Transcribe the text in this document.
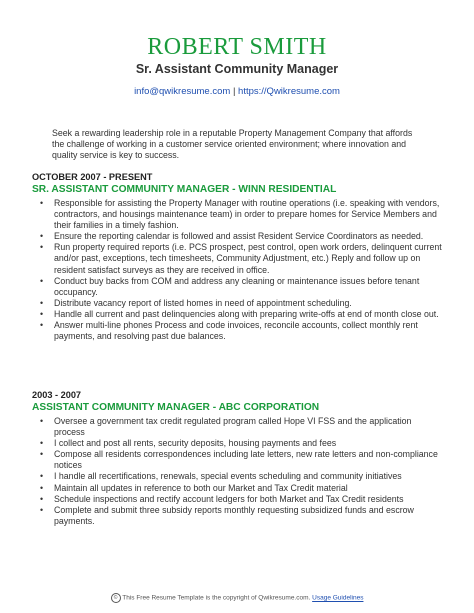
ROBERT SMITH
Sr. Assistant Community Manager
info@qwikresume.com | https://Qwikresume.com
Seek a rewarding leadership role in a reputable Property Management Company that affords the challenge of working in a customer service oriented environment; where innovation and quality service is key to success.
OCTOBER 2007 - PRESENT
SR. ASSISTANT COMMUNITY MANAGER - WINN RESIDENTIAL
• Responsible for assisting the Property Manager with routine operations (i.e. speaking with vendors, contractors, and housings maintenance team) in order to prepare homes for Service Members and their families in a timely fashion.
• Ensure the reporting calendar is followed and assist Resident Service Coordinators as needed.
• Run property required reports (i.e. PCS prospect, pest control, open work orders, delinquent current and/or past, exceptions, tech timesheets, Community Adjustment, etc.) Reply and follow up on resident satisfact surveys as they are received in office.
• Conduct buy backs from COM and address any cleaning or maintenance issues before tenant occupancy.
• Distribute vacancy report of listed homes in need of appointment scheduling.
• Handle all current and past delinquencies along with preparing write-offs at end of month close out.
• Answer multi-line phones Process and code invoices, reconcile accounts, collect monthly rent payments, and resolving past due balances.
2003 - 2007
ASSISTANT COMMUNITY MANAGER - ABC CORPORATION
• Oversee a government tax credit regulated program called Hope VI FSS and the application process
• I collect and post all rents, security deposits, housing payments and fees
• Compose all residents correspondences including late letters, new rate letters and non-compliance notices
• I handle all recertifications, renewals, special events scheduling and community initiatives
• Maintain all updates in reference to both our Market and Tax Credit material
• Schedule inspections and rectify account ledgers for both Market and Tax Credit residents
• Complete and submit three subsidy reports monthly requesting subsidized funds and escrow payments.
© This Free Resume Template is the copyright of Qwikresume.com. Usage Guidelines
